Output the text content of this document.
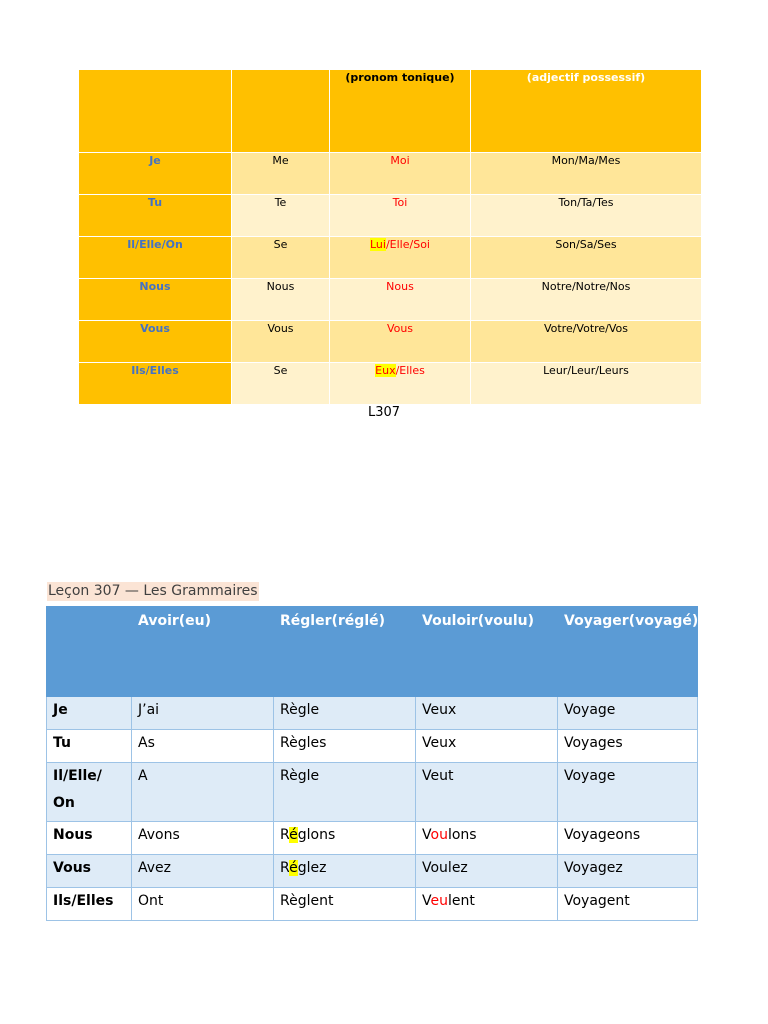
		(pronom tonique)	(adjectif possessif)

Je	Me	Moi	Mon/Ma/Mes
Tu	Te	Toi	Ton/Ta/Tes
Il/Elle/On	Se	Lui/Elle/Soi	Son/Sa/Ses
Nous	Nous	Nous	Notre/Notre/Nos
Vous	Vous	Vous	Votre/Votre/Vos
Ils/Elles	Se	Eux/Elles	Leur/Leur/Leurs
L307
Leçon 307 — Les Grammaires

	Avoir(eu)	Régler(réglé)	Vouloir(voulu)	Voyager(voyagé)

Je	J’ai	Règle	Veux	Voyage
Tu	As	Règles	Veux	Voyages
Il/Elle/ On	A	Règle	Veut	Voyage
Nous	Avons	Réglons	Voulons	Voyageons
Vous	Avez	Réglez	Voulez	Voyagez
Ils/Elles	Ont	Règlent	Veulent	Voyagent
